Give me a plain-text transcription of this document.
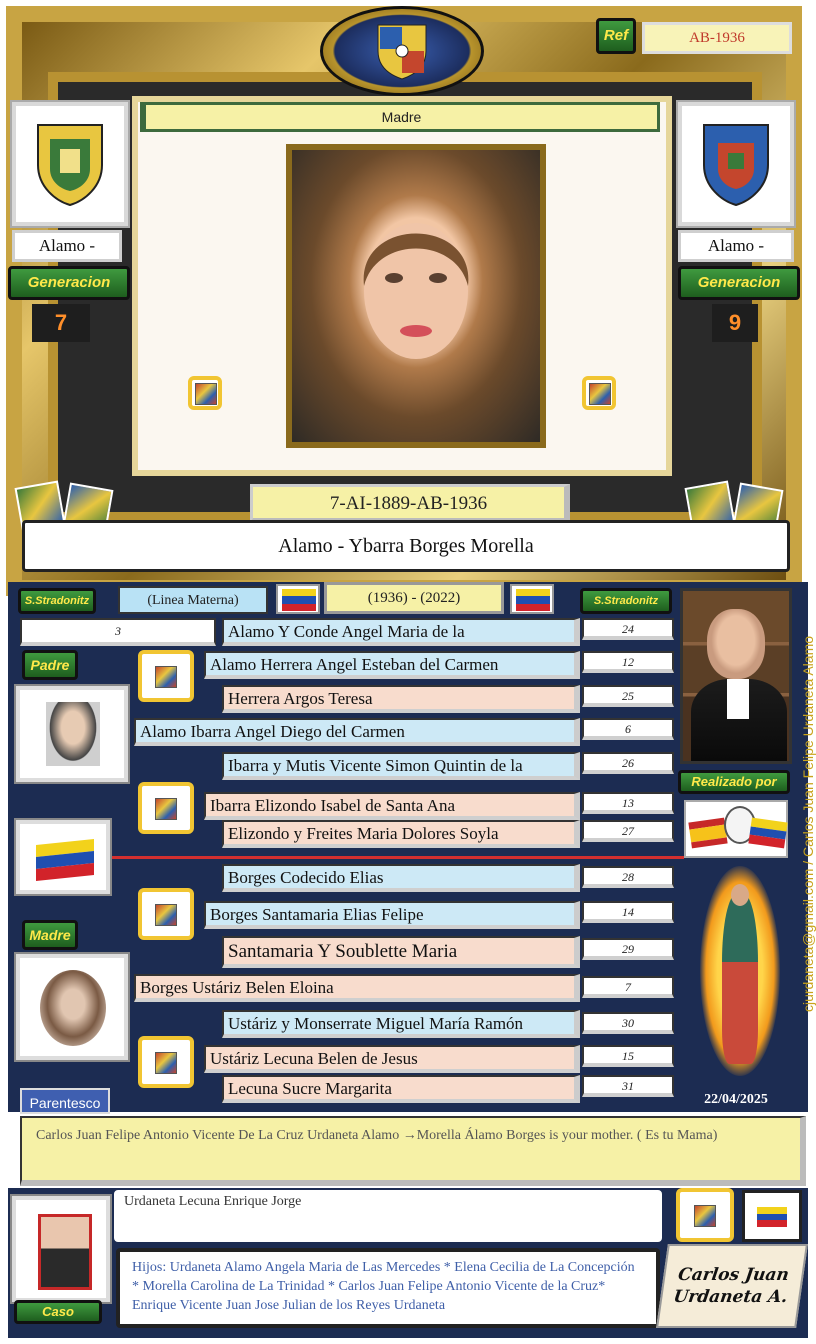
Ref	AB-1936
Madre
Alamo -
Generacion
7
Alamo -
Generacion
9
7-AI-1889-AB-1936
Alamo - Ybarra Borges Morella
S.Stradonitz	(Linea Materna)	(1936) - (2022)	S.Stradonitz
3
Padre
Madre
Alamo Y Conde Angel Maria de la	24
Alamo Herrera Angel Esteban del Carmen	12
Herrera Argos Teresa	25
Alamo Ibarra Angel Diego del Carmen	6
Ibarra y Mutis Vicente Simon Quintin de la	26
Ibarra Elizondo Isabel de Santa Ana	13
Elizondo y Freites Maria Dolores Soyla	27
Borges Codecido Elias	28
Borges Santamaria Elias Felipe	14
Santamaria Y Soublette Maria	29
Borges Ustáriz Belen Eloina	7
Ustáriz y Monserrate Miguel María Ramón	30
Ustáriz Lecuna Belen de Jesus	15
Lecuna Sucre Margarita	31
Realizado por
22/04/2025
cjurdaneta@gmail.com / Carlos Juan Felipe Urdaneta Alamo
Parentesco
Carlos Juan Felipe Antonio Vicente De La Cruz Urdaneta Alamo →Morella Álamo Borges is your mother. ( Es tu Mama)
Caso
Urdaneta Lecuna Enrique Jorge
Hijos: Urdaneta Alamo Angela Maria de Las Mercedes * Elena Cecilia de La Concepción * Morella Carolina de La Trinidad * Carlos Juan Felipe Antonio Vicente de la Cruz* Enrique Vicente Juan Jose Julian de los Reyes Urdaneta
Carlos Juan Urdaneta A.
